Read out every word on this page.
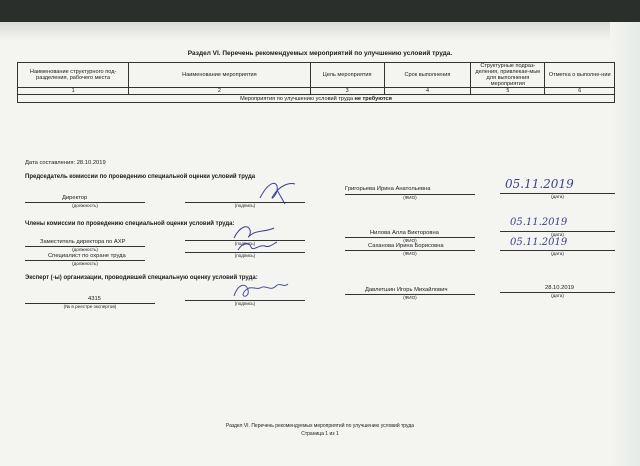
Раздел VI. Перечень рекомендуемых мероприятий по улучшению условий труда.
Наименование структурного под-разделения, рабочего места	Наименование мероприятия	Цель мероприятия	Срок выполнения	Структурные подраз-деления, привлекае-мые для выполнения мероприятия	Отметка о выполне-нии
1	2	3	4	5	6
Мероприятия по улучшению условий труда не требуются					
Дата составления: 28.10.2019
Председатель комиссии по проведению специальной оценки условий труда
Директор
(должность)	(подпись)
Григорьева Ирина Анатольевна
(ФИО)
05.11.2019
(дата)
Члены комиссии по проведению специальной оценки условий труда:
Заместитель директора по АХР
(должность)
(подпись)
Нилова Алла Викторовна
(ФИО)
05.11.2019
(дата)
Специалист по охране труда
(должность)
(подпись)
Саханова Ирина Борисовна
(ФИО)
05.11.2019
(дата)
Эксперт (-ы) организации, проводившей специальную оценку условий труда:
4315
(№ в реестре экспертов)
(подпись)
Давлетшин Игорь Михайлович
(ФИО)
28.10.2019
(дата)
Раздел VI. Перечень рекомендуемых мероприятий по улучшению условий труда
Страница 1 из 1
